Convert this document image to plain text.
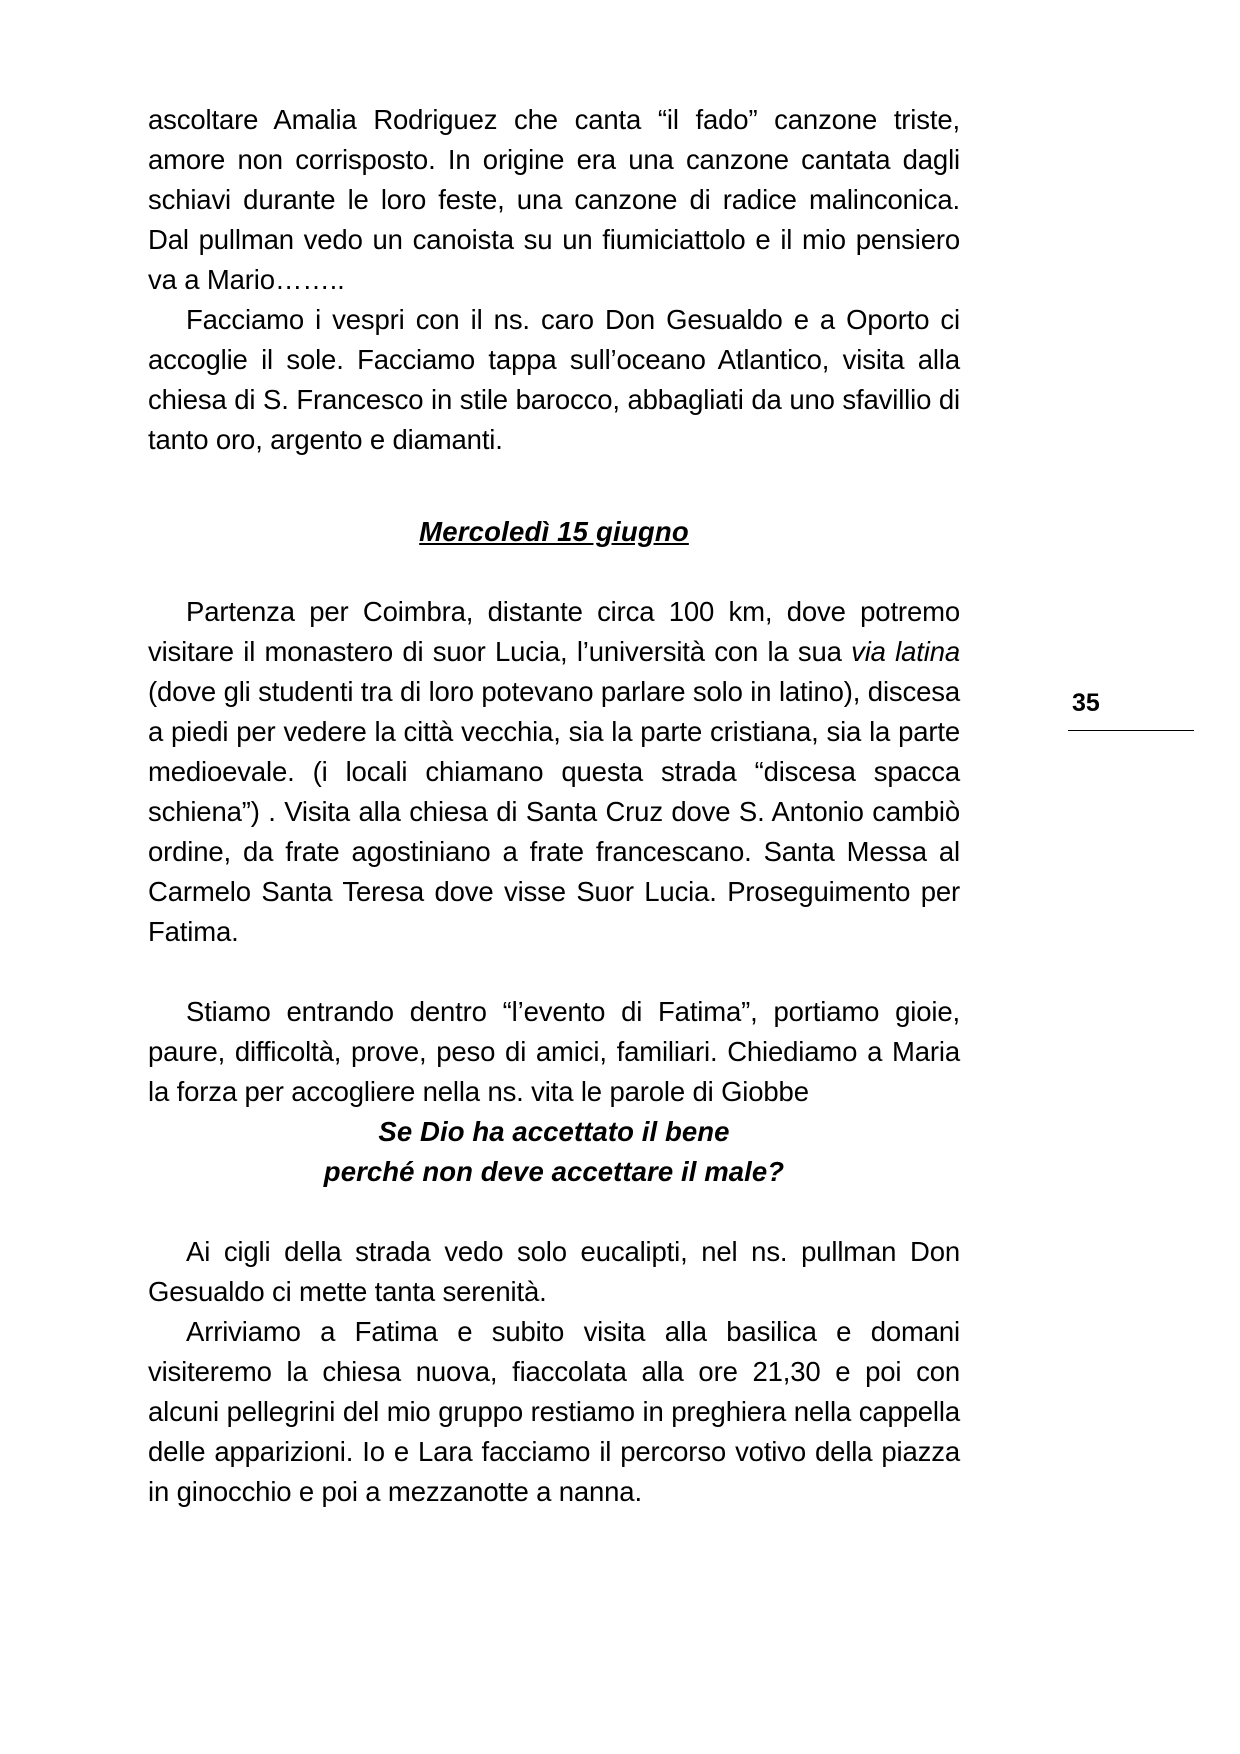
ascoltare Amalia Rodriguez che canta “il fado” canzone triste, amore non corrisposto. In origine era una canzone cantata dagli schiavi durante le loro feste, una canzone di radice malinconica. Dal pullman vedo un canoista su un fiumiciattolo e il mio pensiero va a Mario……..

Facciamo i vespri con il ns. caro Don Gesualdo e a Oporto ci accoglie il sole. Facciamo tappa sull’oceano Atlantico, visita alla chiesa di S. Francesco in stile barocco, abbagliati da uno sfavillio di tanto oro, argento e diamanti.

Mercoledì 15 giugno

Partenza per Coimbra, distante circa 100 km, dove potremo visitare il monastero di suor Lucia, l’università con la sua via latina (dove gli studenti tra di loro potevano parlare solo in latino), discesa a piedi per vedere la città vecchia, sia la parte cristiana, sia la parte medioevale. (i locali chiamano questa strada “discesa spacca schiena”) . Visita alla chiesa di Santa Cruz dove S. Antonio cambiò ordine, da frate agostiniano a frate francescano. Santa Messa al Carmelo Santa Teresa dove visse Suor Lucia. Proseguimento per Fatima.

Stiamo entrando dentro “l’evento di Fatima”, portiamo gioie, paure, difficoltà, prove, peso di amici, familiari. Chiediamo a Maria la forza per accogliere nella ns. vita le parole di Giobbe

Se Dio ha accettato il bene

perché non deve accettare il male?

Ai cigli della strada vedo solo eucalipti, nel ns. pullman Don Gesualdo ci mette tanta serenità.

Arriviamo a Fatima e subito visita alla basilica e domani visiteremo la chiesa nuova, fiaccolata alla ore 21,30 e poi con alcuni pellegrini del mio gruppo restiamo in preghiera nella cappella delle apparizioni. Io e Lara facciamo il percorso votivo della piazza in ginocchio e poi a mezzanotte a nanna.

35
